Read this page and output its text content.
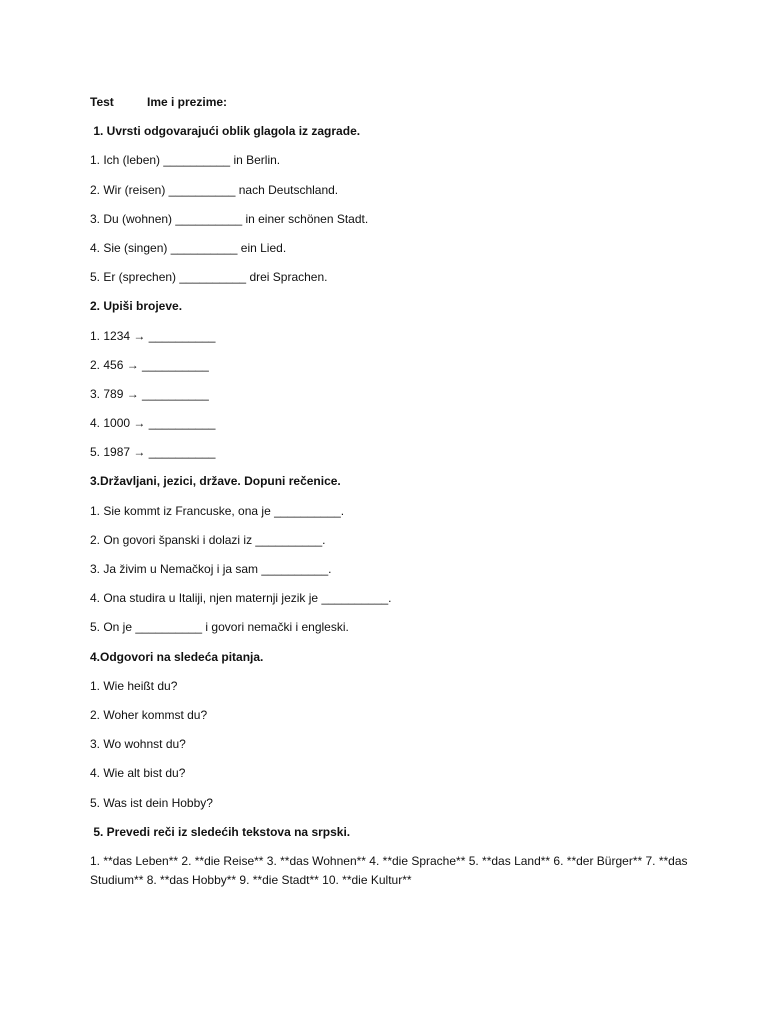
Test	Ime i prezime:
1. Uvrsti odgovarajući oblik glagola iz zagrade.
1. Ich (leben) __________ in Berlin.
2. Wir (reisen) __________ nach Deutschland.
3. Du (wohnen) __________ in einer schönen Stadt.
4. Sie (singen) __________ ein Lied.
5. Er (sprechen) __________ drei Sprachen.
2. Upiši brojeve.
1. 1234 → __________
2. 456 → __________
3. 789 → __________
4. 1000 → __________
5. 1987 → __________
3.Državljani, jezici, države. Dopuni rečenice.
1. Sie kommt iz Francuske, ona je __________.
2. On govori španski i dolazi iz __________.
3. Ja živim u Nemačkoj i ja sam __________.
4. Ona studira u Italiji, njen maternji jezik je __________.
5. On je __________ i govori nemački i engleski.
4.Odgovori na sledeća pitanja.
1. Wie heißt du?
2. Woher kommst du?
3. Wo wohnst du?
4. Wie alt bist du?
5. Was ist dein Hobby?
5. Prevedi reči iz sledećih tekstova na srpski.
1. **das Leben** 2. **die Reise** 3. **das Wohnen** 4. **die Sprache** 5. **das Land** 6. **der Bürger** 7. **das Studium** 8. **das Hobby** 9. **die Stadt** 10. **die Kultur**
